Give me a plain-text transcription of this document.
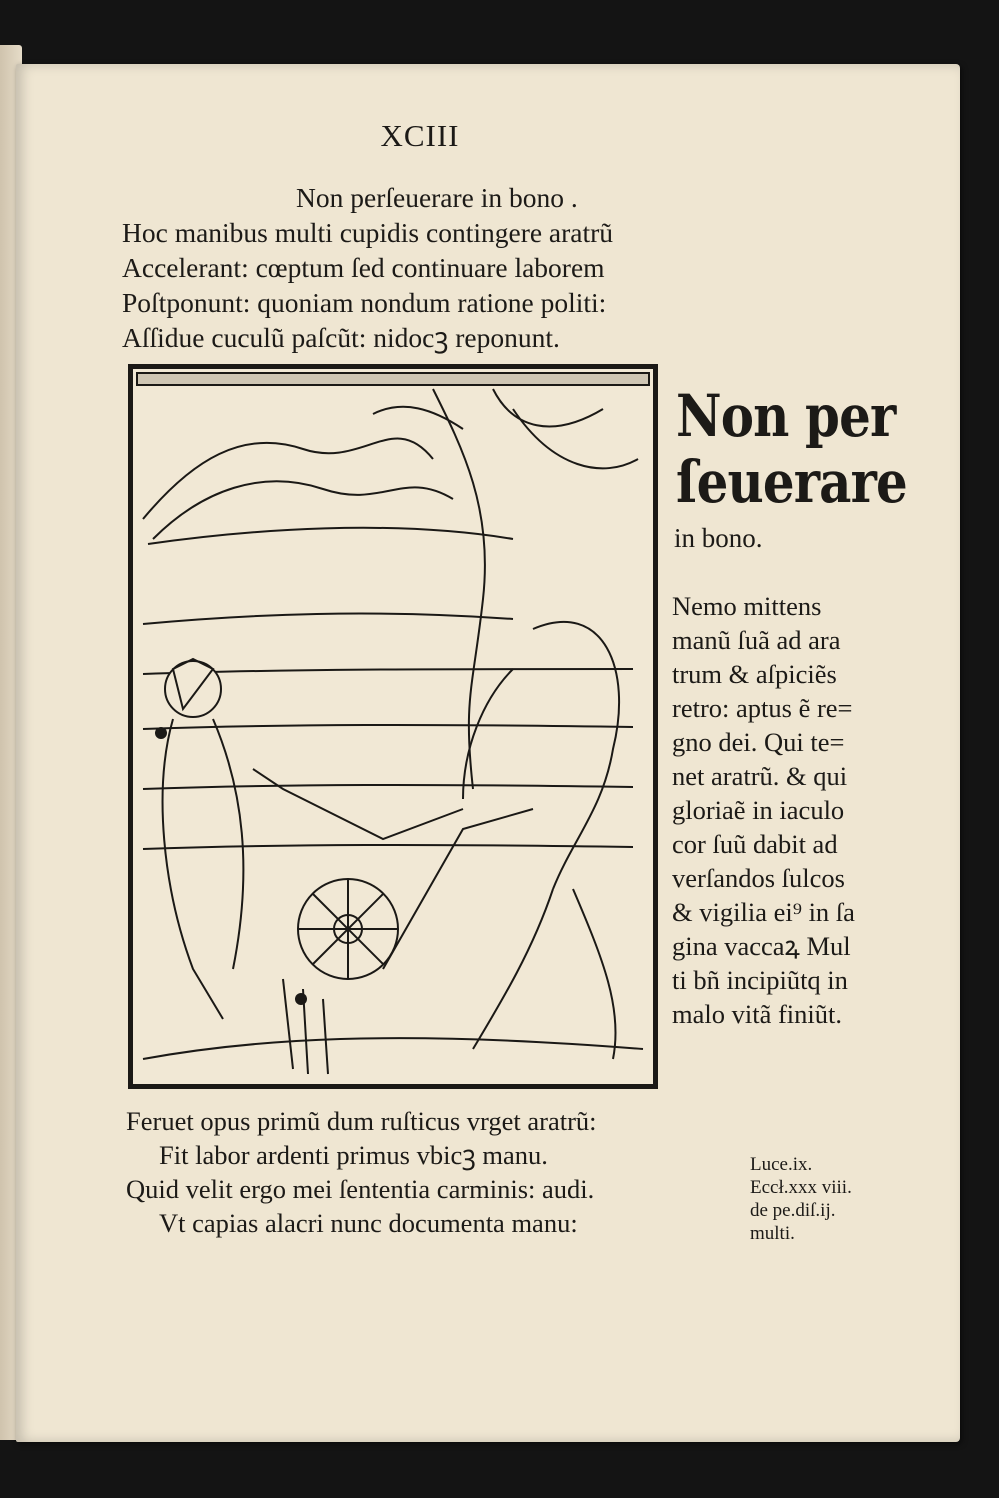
XCIII
Non perſeuerare in bono .
Hoc manibus multi cupidis contingere aratrũ
Accelerant: cœptum ſed continuare laborem
Poſtponunt: quoniam nondum ratione politi:
Aſſidue cuculũ paſcũt: nidocꝫ reponunt.
Non per
ſeuerare
in bono.
Nemo mittens
manũ ſuã ad ara
trum & aſpiciẽs
retro: aptus ẽ re=
gno dei. Qui te=
net aratrũ. & qui
gloriaẽ in iaculo
cor ſuũ dabit ad
verſandos ſulcos
& vigilia ei⁹ in ſa
gina vaccaꝝ Mul
ti bñ incipiũtq in
malo vitã finiũt.
Feruet opus primũ dum ruſticus vrget aratrũ:
Fit labor ardenti primus vbicꝫ manu.
Quid velit ergo mei ſententia carminis: audi.
Vt capias alacri nunc documenta manu:
Luce.ix.
Eccł.xxx viii.
de pe.diſ.ij.
multi.
